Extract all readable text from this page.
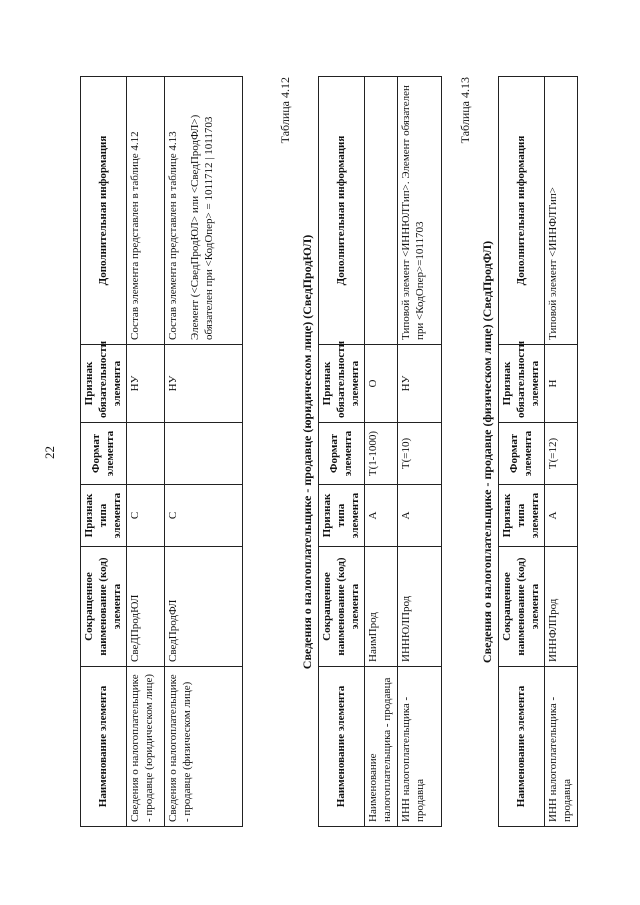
22
Наименование элемента	Сокращенное наименование (код) элемента	Признак типа элемента	Формат элемента	Признак обязательности элемента	Дополнительная информация
Сведения о налогоплательщике - продавце (юридическом лице)	СвеДПродЮЛ	С		НУ	Состав элемента представлен в таблице 4.12
Сведения о налогоплательщике - продавце (физическом лице)	СведПродФЛ	С		НУ	Состав элемента представлен в таблице 4.13 Элемент (<СведПродЮЛ> или <СведПродФЛ>) обязателен при <КодОпер> = 1011712 | 1011703
Таблица 4.12
Сведения о налогоплательщике - продавце (юридическом лице) (СведПродЮЛ)
Наименование элемента	Сокращенное наименование (код) элемента	Признак типа элемента	Формат элемента	Признак обязательности элемента	Дополнительная информация
Наименование налогоплательщика - продавца	НаимПрод	А	T(1-1000)	О	
ИНН налогоплательщика - продавца	ИННЮЛПрод	А	T(=10)	НУ	Типовой элемент <ИННЮЛТип>. Элемент обязателен при <КодОпер>=1011703
Таблица 4.13
Сведения о налогоплательщике - продавце (физическом лице) (СведПродФЛ)
Наименование элемента	Сокращенное наименование (код) элемента	Признак типа элемента	Формат элемента	Признак обязательности элемента	Дополнительная информация
ИНН налогоплательщика - продавца	ИННФЛПрод	А	T(=12)	Н	Типовой элемент <ИННФЛТип>
